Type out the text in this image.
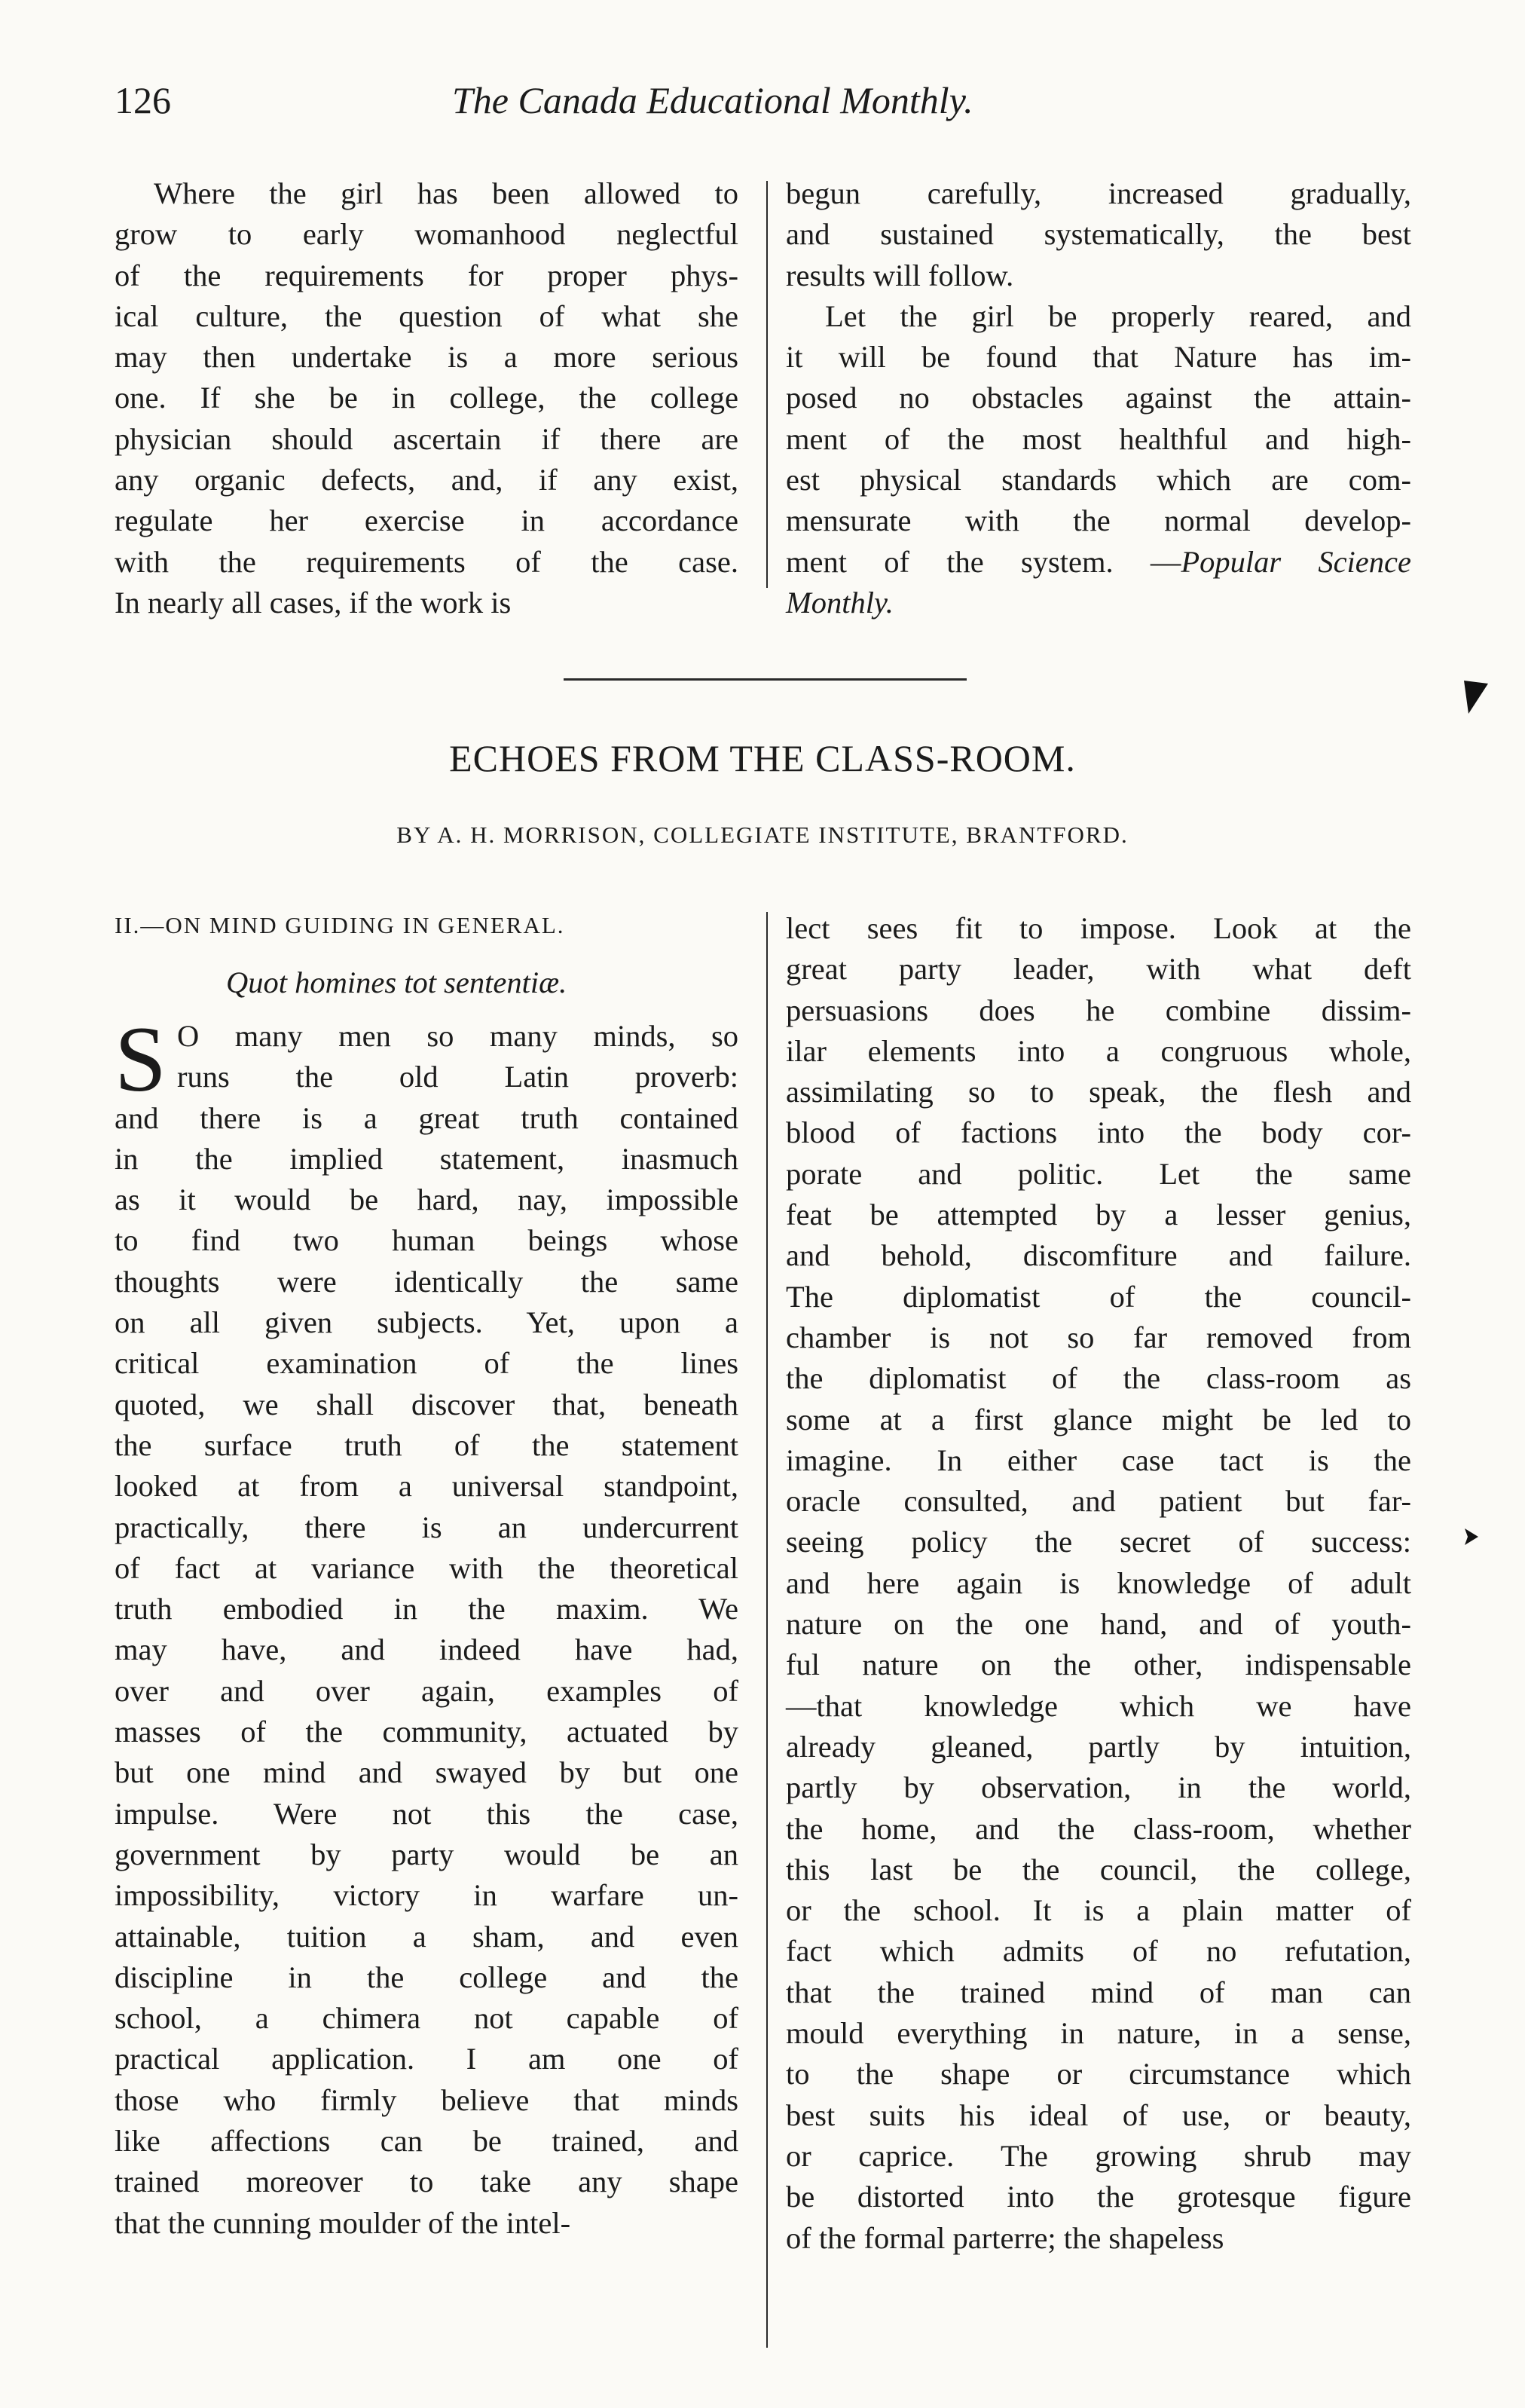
126	The Canada Educational Monthly.
Where the girl has been allowed to
grow to early womanhood neglectful
of the requirements for proper phys-
ical culture, the question of what she
may then undertake is a more serious
one. If she be in college, the college
physician should ascertain if there are
any organic defects, and, if any exist,
regulate her exercise in accordance
with the requirements of the case.
In nearly all cases, if the work is
begun carefully, increased gradually,
and sustained systematically, the best
results will follow.
Let the girl be properly reared, and
it will be found that Nature has im-
posed no obstacles against the attain-
ment of the most healthful and high-
est physical standards which are com-
mensurate with the normal develop-
ment of the system. —Popular Science
Monthly.
ECHOES FROM THE CLASS-ROOM.
BY A. H. MORRISON, COLLEGIATE INSTITUTE, BRANTFORD.
II.—ON MIND GUIDING IN GENERAL.
Quot homines tot sententiæ.
S O many men so many minds, so
runs the old Latin proverb:
and there is a great truth contained
in the implied statement, inasmuch
as it would be hard, nay, impossible
to find two human beings whose
thoughts were identically the same
on all given subjects. Yet, upon a
critical examination of the lines
quoted, we shall discover that, beneath
the surface truth of the statement
looked at from a universal standpoint,
practically, there is an undercurrent
of fact at variance with the theoretical
truth embodied in the maxim. We
may have, and indeed have had,
over and over again, examples of
masses of the community, actuated by
but one mind and swayed by but one
impulse. Were not this the case,
government by party would be an
impossibility, victory in warfare un-
attainable, tuition a sham, and even
discipline in the college and the
school, a chimera not capable of
practical application. I am one of
those who firmly believe that minds
like affections can be trained, and
trained moreover to take any shape
that the cunning moulder of the intel-
lect sees fit to impose. Look at the
great party leader, with what deft
persuasions does he combine dissim-
ilar elements into a congruous whole,
assimilating so to speak, the flesh and
blood of factions into the body cor-
porate and politic. Let the same
feat be attempted by a lesser genius,
and behold, discomfiture and failure.
The diplomatist of the council-
chamber is not so far removed from
the diplomatist of the class-room as
some at a first glance might be led to
imagine. In either case tact is the
oracle consulted, and patient but far-
seeing policy the secret of success:
and here again is knowledge of adult
nature on the one hand, and of youth-
ful nature on the other, indispensable
—that knowledge which we have
already gleaned, partly by intuition,
partly by observation, in the world,
the home, and the class-room, whether
this last be the council, the college,
or the school. It is a plain matter of
fact which admits of no refutation,
that the trained mind of man can
mould everything in nature, in a sense,
to the shape or circumstance which
best suits his ideal of use, or beauty,
or caprice. The growing shrub may
be distorted into the grotesque figure
of the formal parterre; the shapeless
